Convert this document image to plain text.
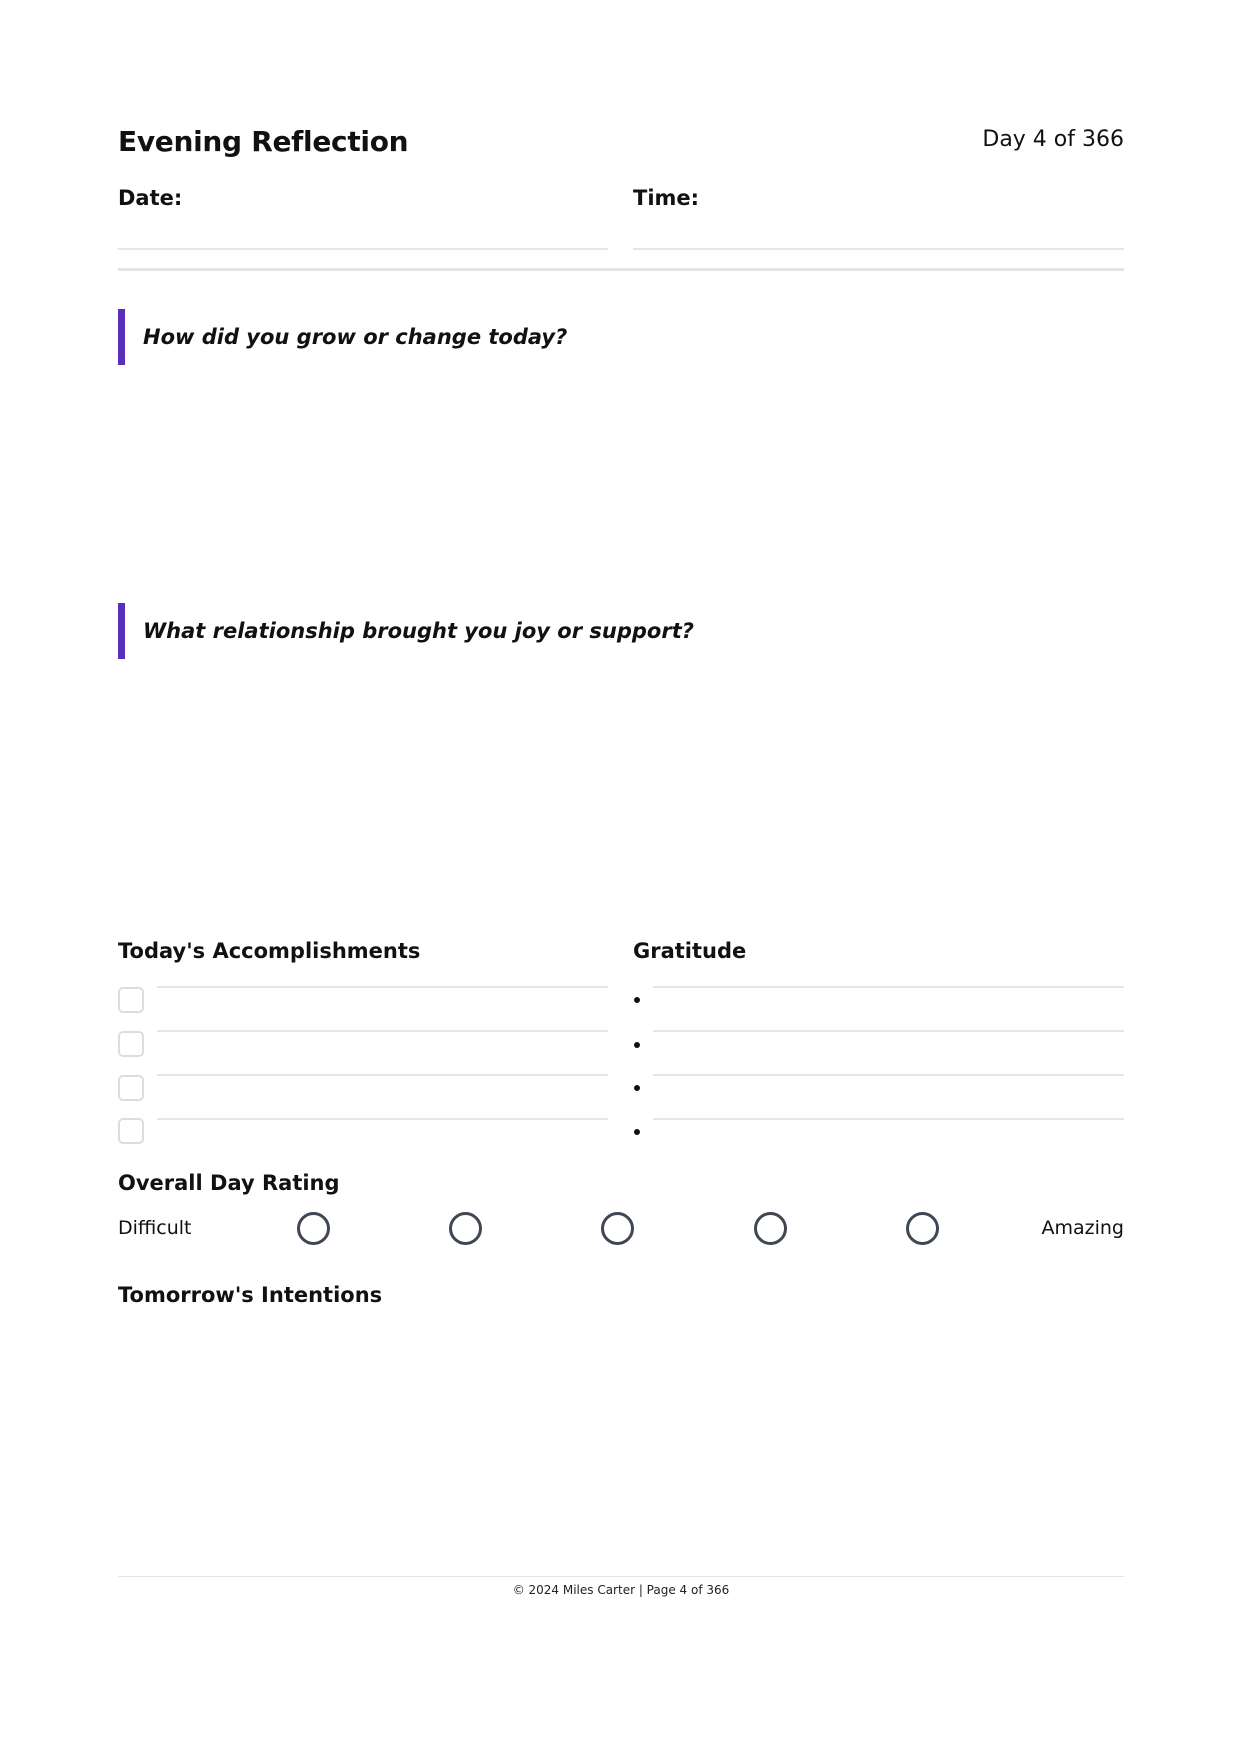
Evening Reflection	Day 4 of 366
Date:	Time:
How did you grow or change today?
What relationship brought you joy or support?
Today's Accomplishments	Gratitude
Overall Day Rating
Difficult	Amazing
Tomorrow's Intentions
© 2024 Miles Carter | Page 4 of 366
